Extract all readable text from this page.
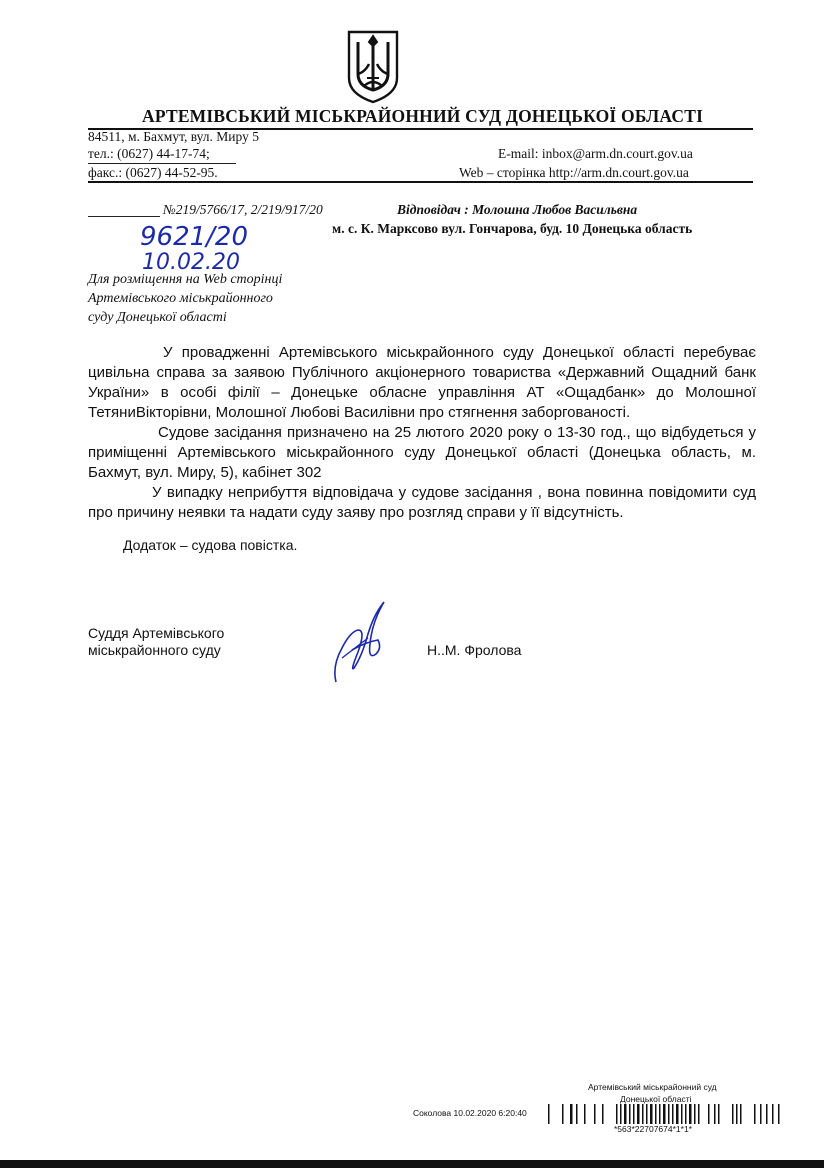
АРТЕМІВСЬКИЙ МІСЬКРАЙОННИЙ СУД ДОНЕЦЬКОЇ ОБЛАСТІ
84511, м. Бахмут, вул. Миру 5
тел.: (0627) 44-17-74;
факс.: (0627) 44-52-95.
E-mail: inbox@arm.dn.court.gov.ua
Web – сторінка http://arm.dn.court.gov.ua
№219/5766/17, 2/219/917/20	Відповідач : Молошна Любов Васильвна
м. с. К. Марксово вул. Гончарова, буд. 10 Донецька область
9621/20
10.02.20
Для розміщення на Web сторінці
Артемівського міськрайонного
суду Донецької області
У провадженні Артемівського міськрайонного суду Донецької області перебуває цивільна справа за заявою Публічного акціонерного товариства «Державний Ощадний банк України» в особі філії – Донецьке обласне управління АТ «Ощадбанк» до Молошної ТетяниВікторівни, Молошної Любові Василівни про стягнення заборгованості.
Судове засідання призначено на 25 лютого 2020 року о 13-30 год., що відбудеться у приміщенні Артемівського міськрайонного суду Донецької області (Донецька область, м. Бахмут, вул. Миру, 5), кабінет 302
У випадку неприбуття відповідача у судове засідання , вона повинна повідомити суд про причину неявки та надати суду заяву про розгляд справи у її відсутність.
Додаток – судова повістка.
Суддя Артемівського
міськрайонного суду	Н..М. Фролова
Артемівський міськрайонний суд
Донецької області
Соколова 10.02.2020 6:20:40
*563*22707674*1*1*
